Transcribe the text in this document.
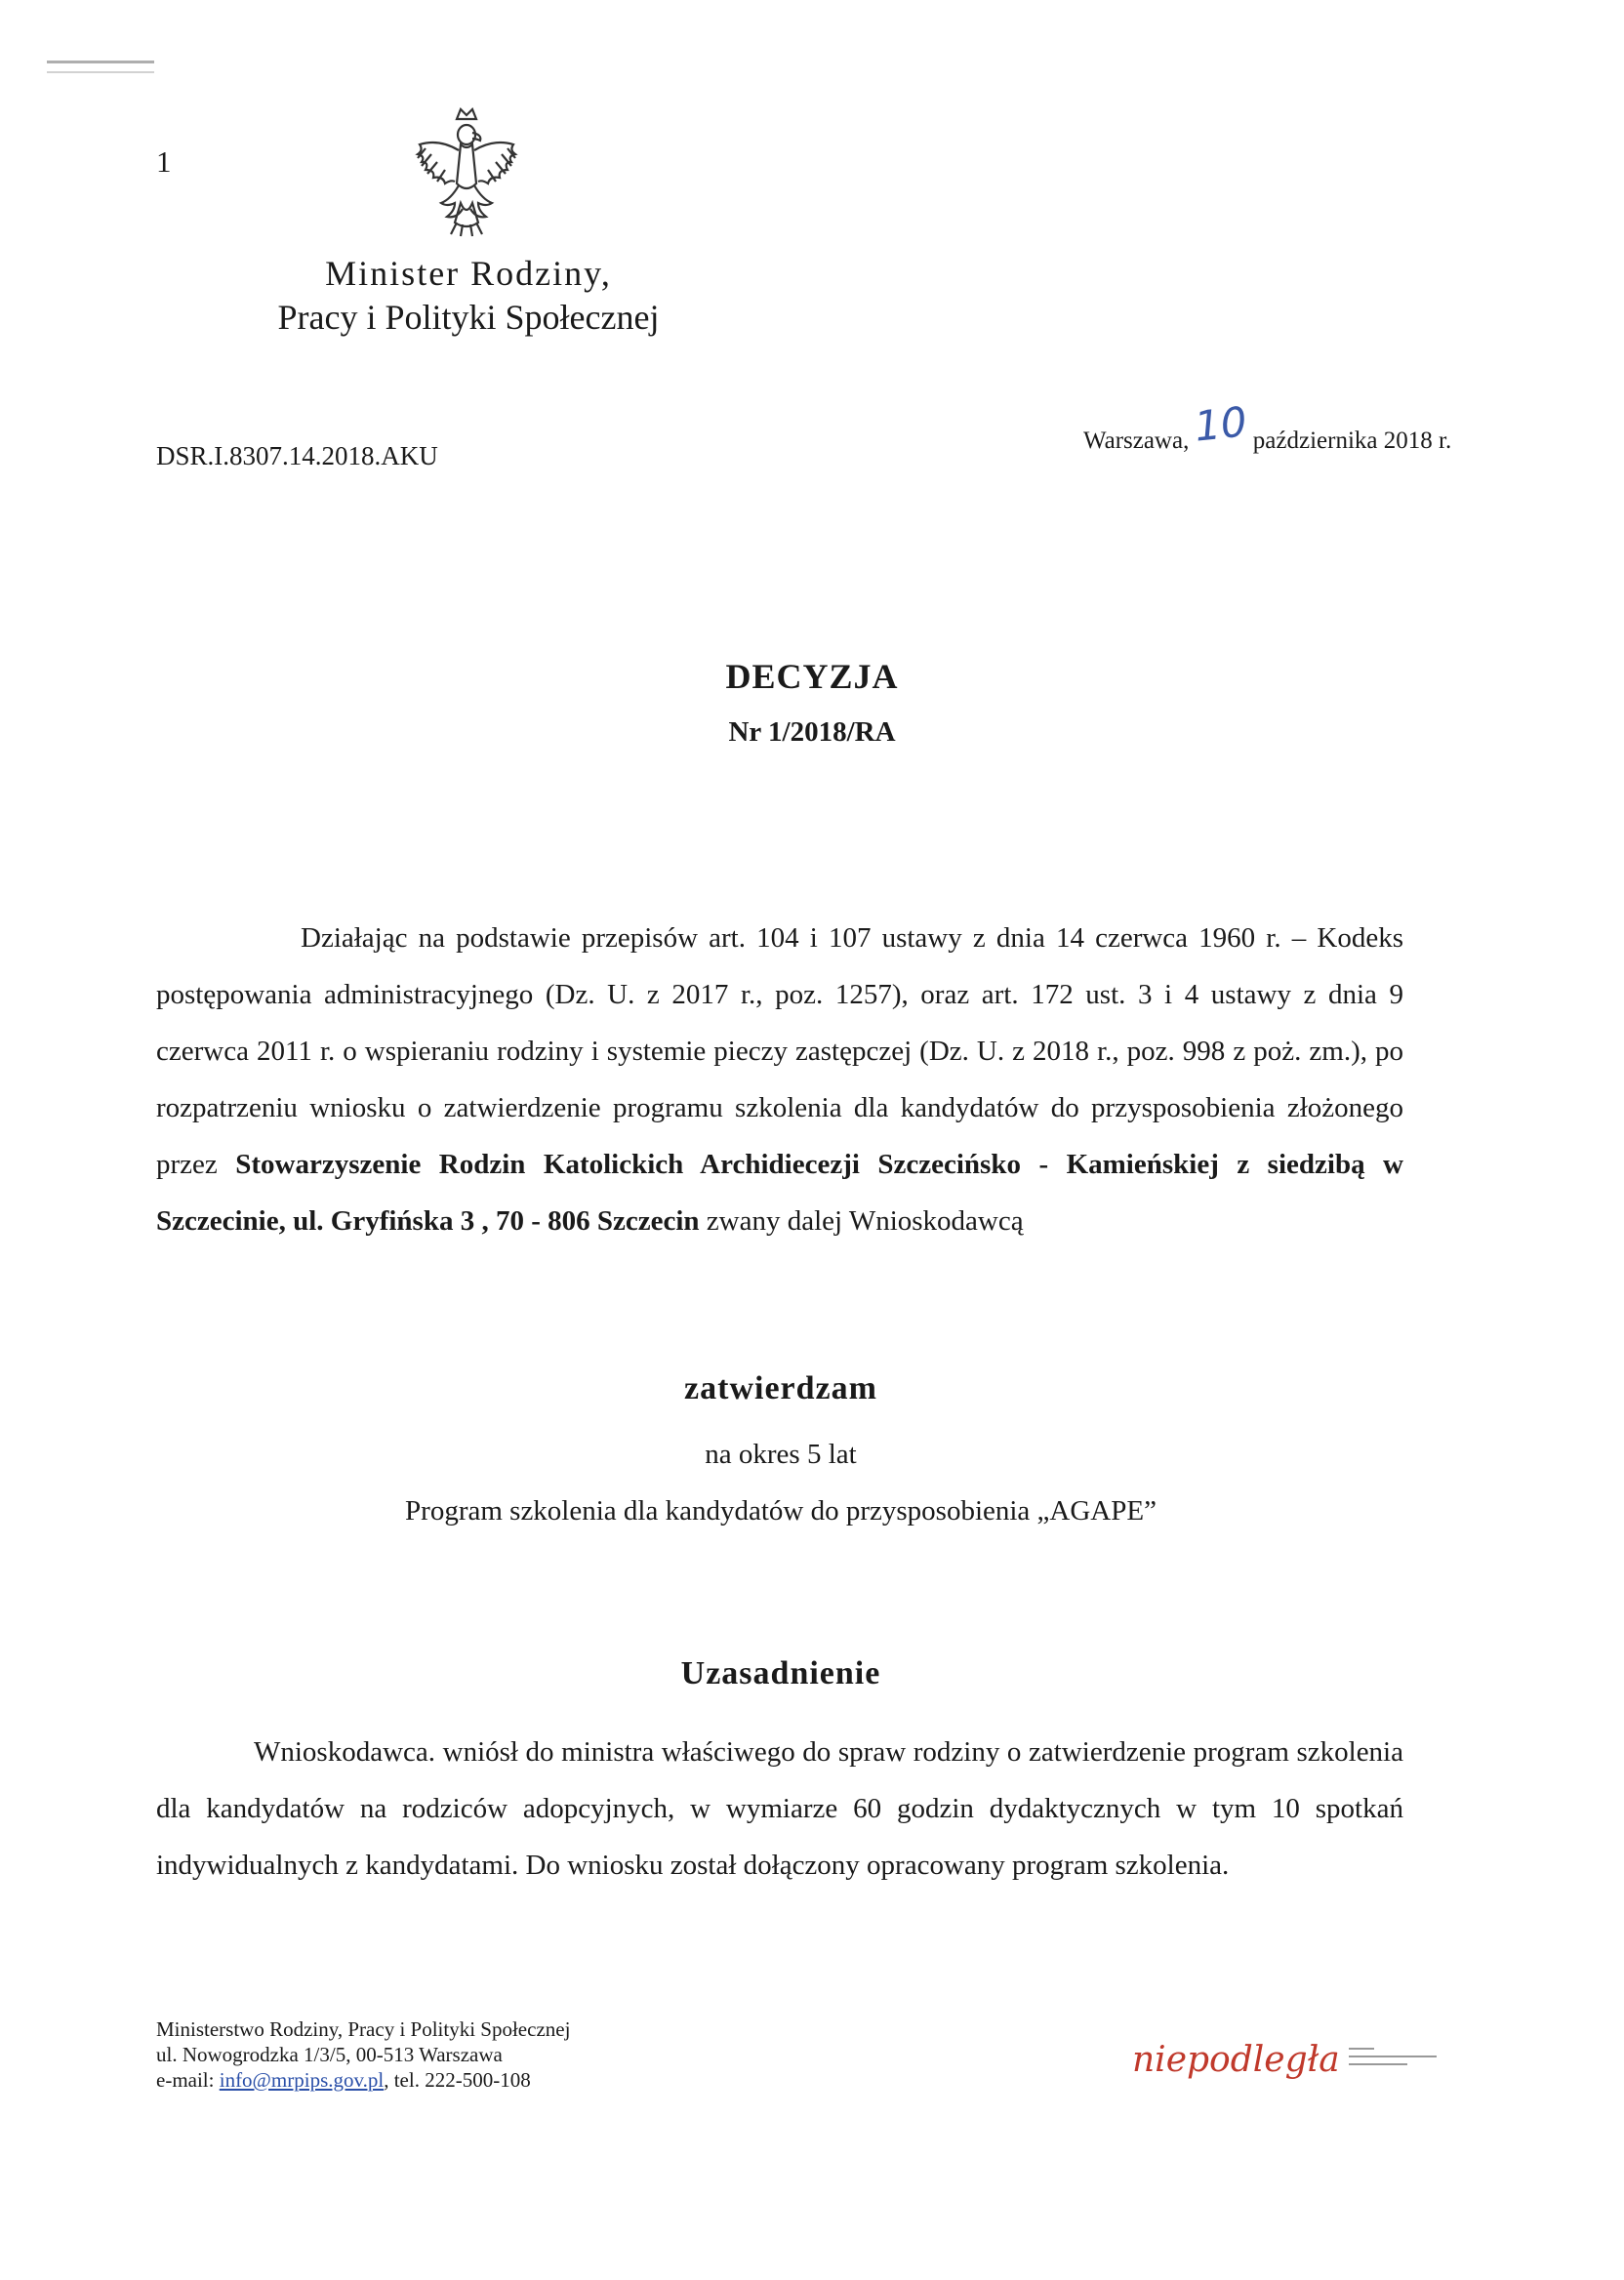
1
Minister Rodziny,
Pracy i Polityki Społecznej
DSR.I.8307.14.2018.AKU
Warszawa,10 października 2018 r.
DECYZJA
Nr 1/2018/RA
Działając na podstawie przepisów art. 104 i 107 ustawy z dnia 14 czerwca 1960 r. – Kodeks postępowania administracyjnego (Dz. U. z 2017 r., poz. 1257), oraz art. 172 ust. 3 i 4 ustawy z dnia 9 czerwca 2011 r. o wspieraniu rodziny i systemie pieczy zastępczej (Dz. U. z 2018 r., poz. 998 z poż. zm.), po rozpatrzeniu wniosku o zatwierdzenie programu szkolenia dla kandydatów do przysposobienia złożonego przez Stowarzyszenie Rodzin Katolickich Archidiecezji Szczecińsko - Kamieńskiej z siedzibą w Szczecinie, ul. Gryfińska 3 , 70 - 806 Szczecin zwany dalej Wnioskodawcą
zatwierdzam
na okres 5 lat
Program szkolenia dla kandydatów do przysposobienia „AGAPE”
Uzasadnienie
Wnioskodawca. wniósł do ministra właściwego do spraw rodziny o zatwierdzenie program szkolenia dla kandydatów na rodziców adopcyjnych, w wymiarze 60 godzin dydaktycznych w tym 10 spotkań indywidualnych z kandydatami. Do wniosku został dołączony opracowany program szkolenia.
Ministerstwo Rodziny, Pracy i Polityki Społecznej
ul. Nowogrodzka 1/3/5, 00-513 Warszawa
e-mail: info@mrpips.gov.pl, tel. 222-500-108	niepodległa
